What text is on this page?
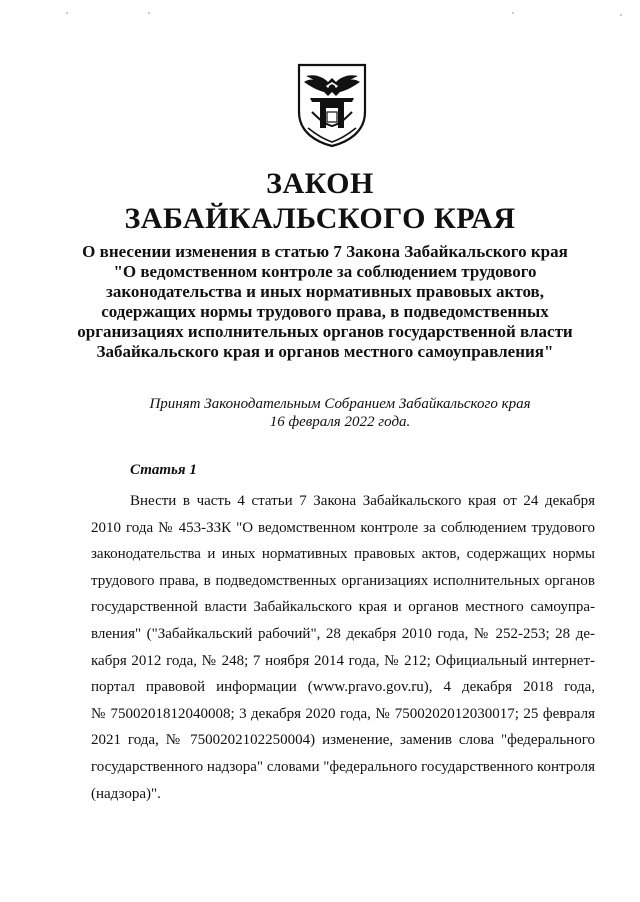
ЗАКОН
ЗАБАЙКАЛЬСКОГО КРАЯ
О внесении изменения в статью 7 Закона Забайкальского края
"О ведомственном контроле за соблюдением трудового
законодательства и иных нормативных правовых актов,
содержащих нормы трудового права, в подведомственных
организациях исполнительных органов государственной власти
Забайкальского края и органов местного самоуправления"
Принят Законодательным Собранием Забайкальского края
16 февраля 2022 года.
Статья 1
Внести в часть 4 статьи 7 Закона Забайкальского края от 24 декабря
2010 года № 453-ЗЗК "О ведомственном контроле за соблюдением трудового
законодательства и иных нормативных правовых актов, содержащих нормы
трудового права, в подведомственных организациях исполнительных органов
государственной власти Забайкальского края и органов местного самоупра-
вления" ("Забайкальский рабочий", 28 декабря 2010 года, № 252-253; 28 де-
кабря 2012 года, № 248; 7 ноября 2014 года, № 212; Официальный интернет-
портал правовой информации (www.pravo.gov.ru), 4 декабря 2018 года,
№ 7500201812040008; 3 декабря 2020 года, № 7500202012030017; 25 февраля
2021 года, № 7500202102250004) изменение, заменив слова "федерального
государственного надзора" словами "федерального государственного контроля
(надзора)".
